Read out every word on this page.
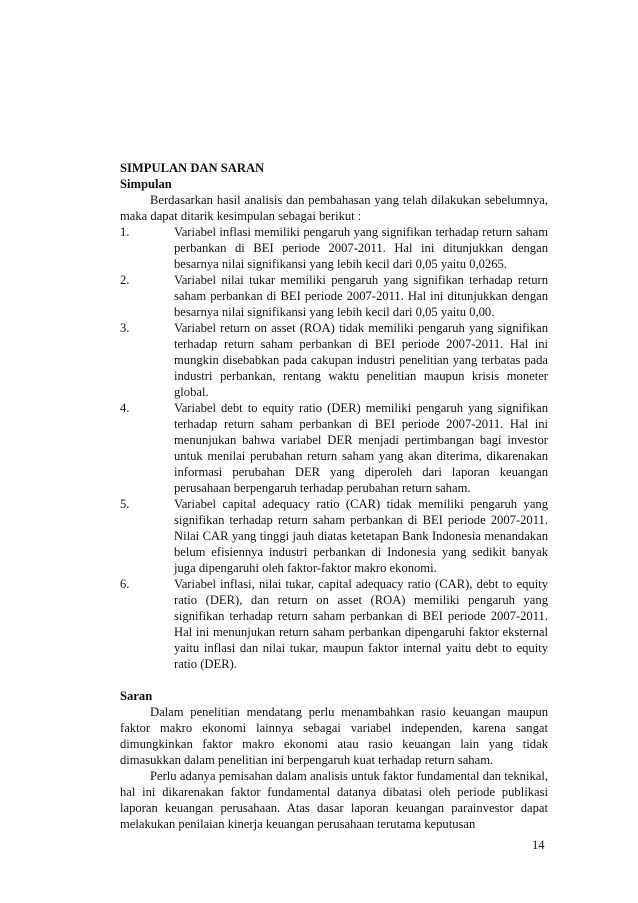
SIMPULAN DAN SARAN

Simpulan

Berdasarkan hasil analisis dan pembahasan yang telah dilakukan sebelumnya, maka dapat ditarik kesimpulan sebagai berikut :

1.	Variabel inflasi memiliki pengaruh yang signifikan terhadap return saham perbankan di BEI periode 2007-2011. Hal ini ditunjukkan dengan besarnya nilai signifikansi yang lebih kecil dari 0,05 yaitu 0,0265.
2.	Variabel nilai tukar memiliki pengaruh yang signifikan terhadap return saham perbankan di BEI periode 2007-2011. Hal ini ditunjukkan dengan besarnya nilai signifikansi yang lebih kecil dari 0,05 yaitu 0,00.
3.	Variabel return on asset (ROA) tidak memiliki pengaruh yang signifikan terhadap return saham perbankan di BEI periode 2007-2011. Hal ini mungkin disebabkan pada cakupan industri penelitian yang terbatas pada industri perbankan, rentang waktu penelitian maupun krisis moneter global.
4.	Variabel debt to equity ratio (DER) memiliki pengaruh yang signifikan terhadap return saham perbankan di BEI periode 2007-2011. Hal ini menunjukan bahwa variabel DER menjadi pertimbangan bagi investor untuk menilai perubahan return saham yang akan diterima, dikarenakan informasi perubahan DER yang diperoleh dari laporan keuangan perusahaan berpengaruh terhadap perubahan return saham.
5.	Variabel capital adequacy ratio (CAR) tidak memiliki pengaruh yang signifikan terhadap return saham perbankan di BEI periode 2007-2011. Nilai CAR yang tinggi jauh diatas ketetapan Bank Indonesia menandakan belum efisiennya industri perbankan di Indonesia yang sedikit banyak juga dipengaruhi oleh faktor-faktor makro ekonomi.
6.	Variabel inflasi, nilai tukar, capital adequacy ratio (CAR), debt to equity ratio (DER), dan return on asset (ROA) memiliki pengaruh yang signifikan terhadap return saham perbankan di BEI periode 2007-2011. Hal ini menunjukan return saham perbankan dipengaruhi faktor eksternal yaitu inflasi dan nilai tukar, maupun faktor internal yaitu debt to equity ratio (DER).

Saran

Dalam penelitian mendatang perlu menambahkan rasio keuangan maupun faktor makro ekonomi lainnya sebagai variabel independen, karena sangat dimungkinkan faktor makro ekonomi atau rasio keuangan lain yang tidak dimasukkan dalam penelitian ini berpengaruh kuat terhadap return saham.

Perlu adanya pemisahan dalam analisis untuk faktor fundamental dan teknikal, hal ini dikarenakan faktor fundamental datanya dibatasi oleh periode publikasi laporan keuangan perusahaan. Atas dasar laporan keuangan parainvestor dapat melakukan penilaian kinerja keuangan perusahaan terutama keputusan

14
